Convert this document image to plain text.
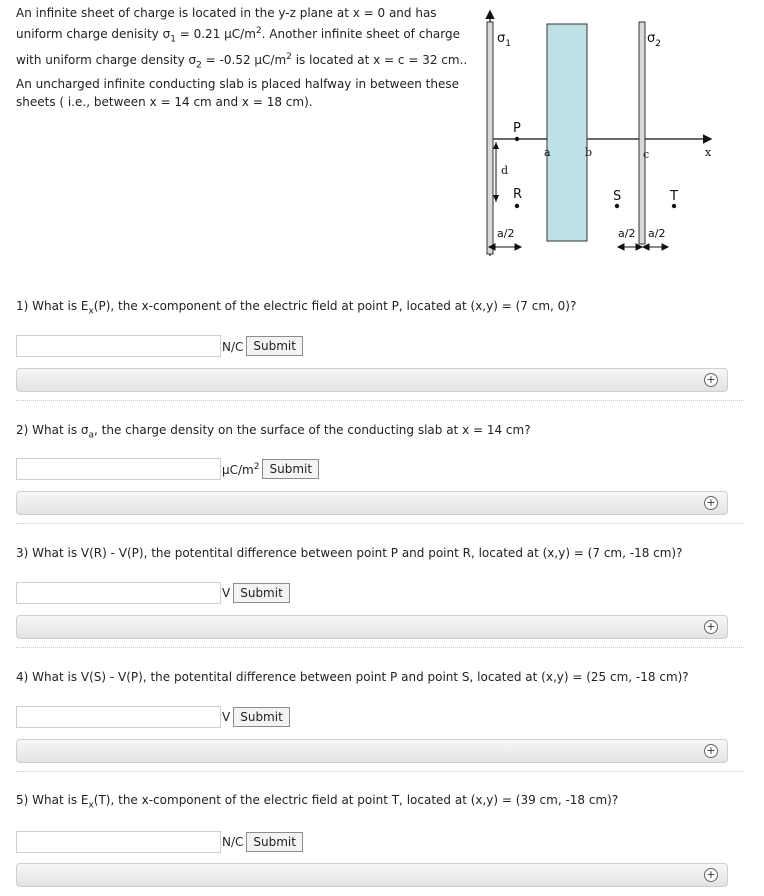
An infinite sheet of charge is located in the y-z plane at x = 0 and has uniform charge denisity $\sigma_1 = 0.21$ $\mu C/m^2$. Another infinite sheet of charge with uniform charge density $\sigma_2 = -0.52$ $\mu C/m^2$ is located at x = c = 32 cm.. An uncharged infinite conducting slab is placed halfway in between these sheets ( i.e., between x = 14 cm and x = 18 cm).
$\sigma_1$	$\sigma_2$
P
R	S	T
d
a	b	c	x
a/2	a/2 a/2
1) What is $E_x(P)$, the x-component of the electric field at point P, located at (x,y) = (7 cm, 0)?
N/C Submit
+
2) What is $\sigma_a$, the charge density on the surface of the conducting slab at x = 14 cm?
$\mu C/m^2$ Submit
+
3) What is V(R) - V(P), the potentital difference between point P and point R, located at (x,y) = (7 cm, -18 cm)?
V Submit
+
4) What is V(S) - V(P), the potentital difference between point P and point S, located at (x,y) = (25 cm, -18 cm)?
V Submit
+
5) What is $E_x(T)$, the x-component of the electric field at point T, located at (x,y) = (39 cm, -18 cm)?
N/C Submit
+
